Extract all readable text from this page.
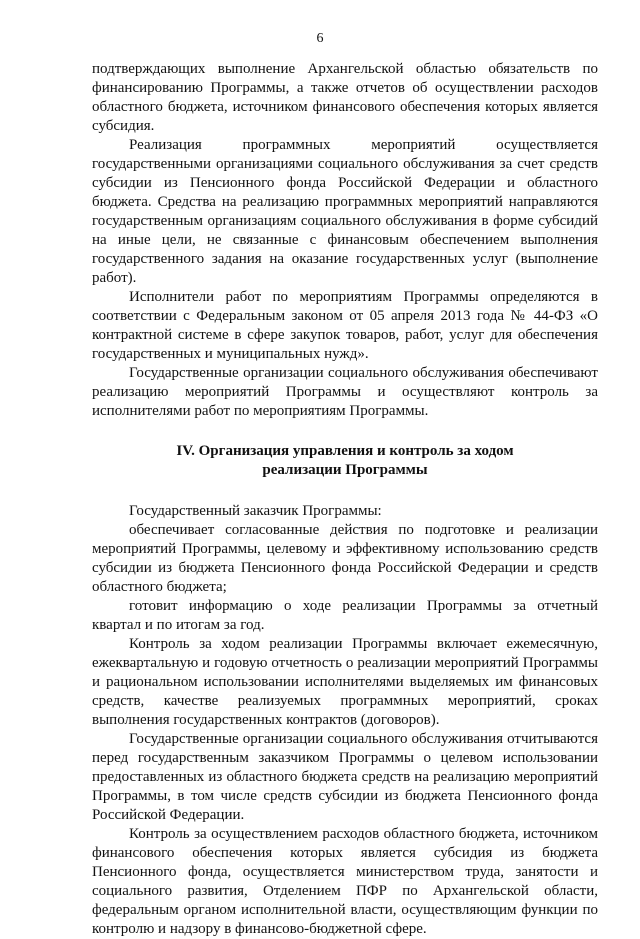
6

подтверждающих выполнение Архангельской областью обязательств по финансированию Программы, а также отчетов об осуществлении расходов областного бюджета, источником финансового обеспечения которых является субсидия.

Реализация программных мероприятий осуществляется государственными организациями социального обслуживания за счет средств субсидии из Пенсионного фонда Российской Федерации и областного бюджета. Средства на реализацию программных мероприятий направляются государственным организациям социального обслуживания в форме субсидий на иные цели, не связанные с финансовым обеспечением выполнения государственного задания на оказание государственных услуг (выполнение работ).

Исполнители работ по мероприятиям Программы определяются в соответствии с Федеральным законом от 05 апреля 2013 года № 44-ФЗ «О контрактной системе в сфере закупок товаров, работ, услуг для обеспечения государственных и муниципальных нужд».

Государственные организации социального обслуживания обеспечивают реализацию мероприятий Программы и осуществляют контроль за исполнителями работ по мероприятиям Программы.

IV. Организация управления и контроль за ходом
реализации Программы

Государственный заказчик Программы:

обеспечивает согласованные действия по подготовке и реализации мероприятий Программы, целевому и эффективному использованию средств субсидии из бюджета Пенсионного фонда Российской Федерации и средств областного бюджета;

готовит информацию о ходе реализации Программы за отчетный квартал и по итогам за год.

Контроль за ходом реализации Программы включает ежемесячную, ежеквартальную и годовую отчетность о реализации мероприятий Программы и рациональном использовании исполнителями выделяемых им финансовых средств, качестве реализуемых программных мероприятий, сроках выполнения государственных контрактов (договоров).

Государственные организации социального обслуживания отчитываются перед государственным заказчиком Программы о целевом использовании предоставленных из областного бюджета средств на реализацию мероприятий Программы, в том числе средств субсидии из бюджета Пенсионного фонда Российской Федерации.

Контроль за осуществлением расходов областного бюджета, источником финансового обеспечения которых является субсидия из бюджета Пенсионного фонда, осуществляется министерством труда, занятости и социального развития, Отделением ПФР по Архангельской области, федеральным органом исполнительной власти, осуществляющим функции по контролю и надзору в финансово-бюджетной сфере.
